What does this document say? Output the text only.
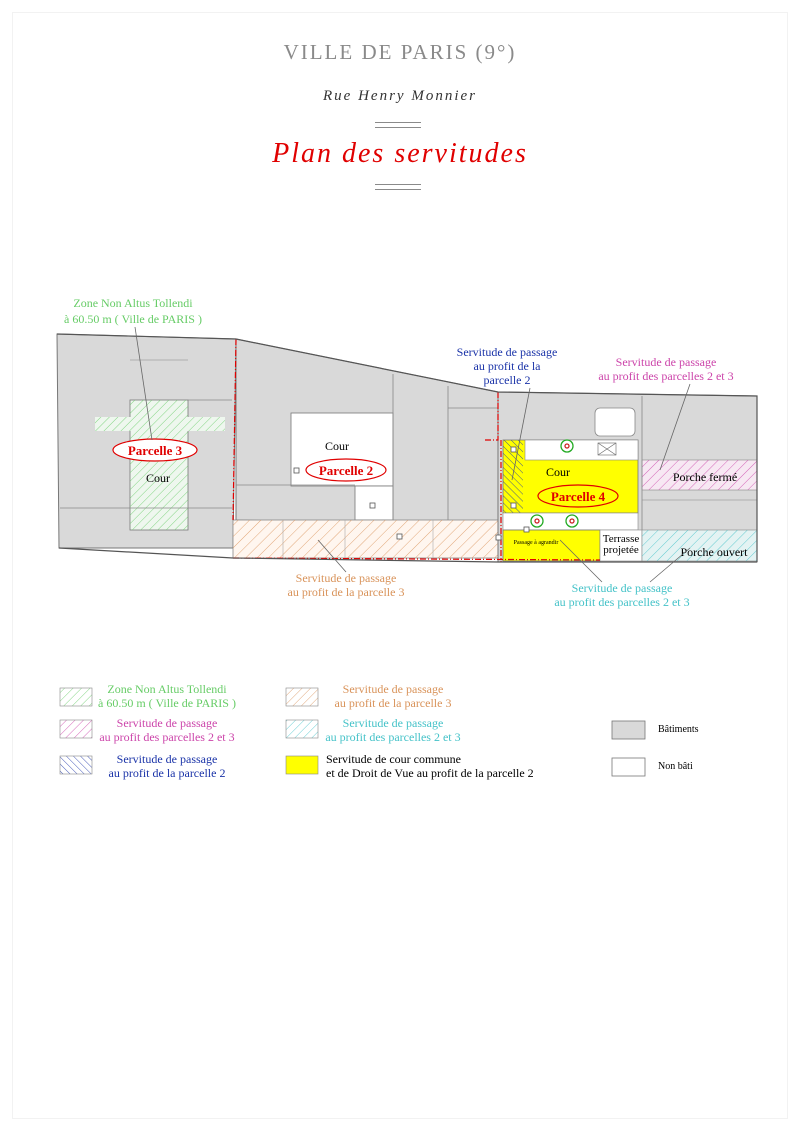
VILLE DE PARIS (9°)
Rue Henry Monnier
Plan des servitudes
Parcelle 3
Parcelle 2
Parcelle 4
Cour
Cour
Cour	Porche fermé
Porche ouvert
Terrasse
projetée
Passage à agrandir
Zone Non Altus Tollendi
à 60.50 m ( Ville de PARIS )
Servitude de passage
au profit de la
parcelle 2
Servitude de passage
au profit des parcelles 2 et 3
Servitude de passage
au profit de la parcelle 3	Servitude de passage
au profit des parcelles 2 et 3
Zone Non Altus Tollendi
à 60.50 m ( Ville de PARIS )
Servitude de passage
au profit de la parcelle 3
Servitude de passage
au profit des parcelles 2 et 3
Servitude de passage
au profit des parcelles 2 et 3
Servitude de passage
au profit de la parcelle 2
Servitude de cour commune
et de Droit de Vue au profit de la parcelle 2
Bâtiments
Non bâti
